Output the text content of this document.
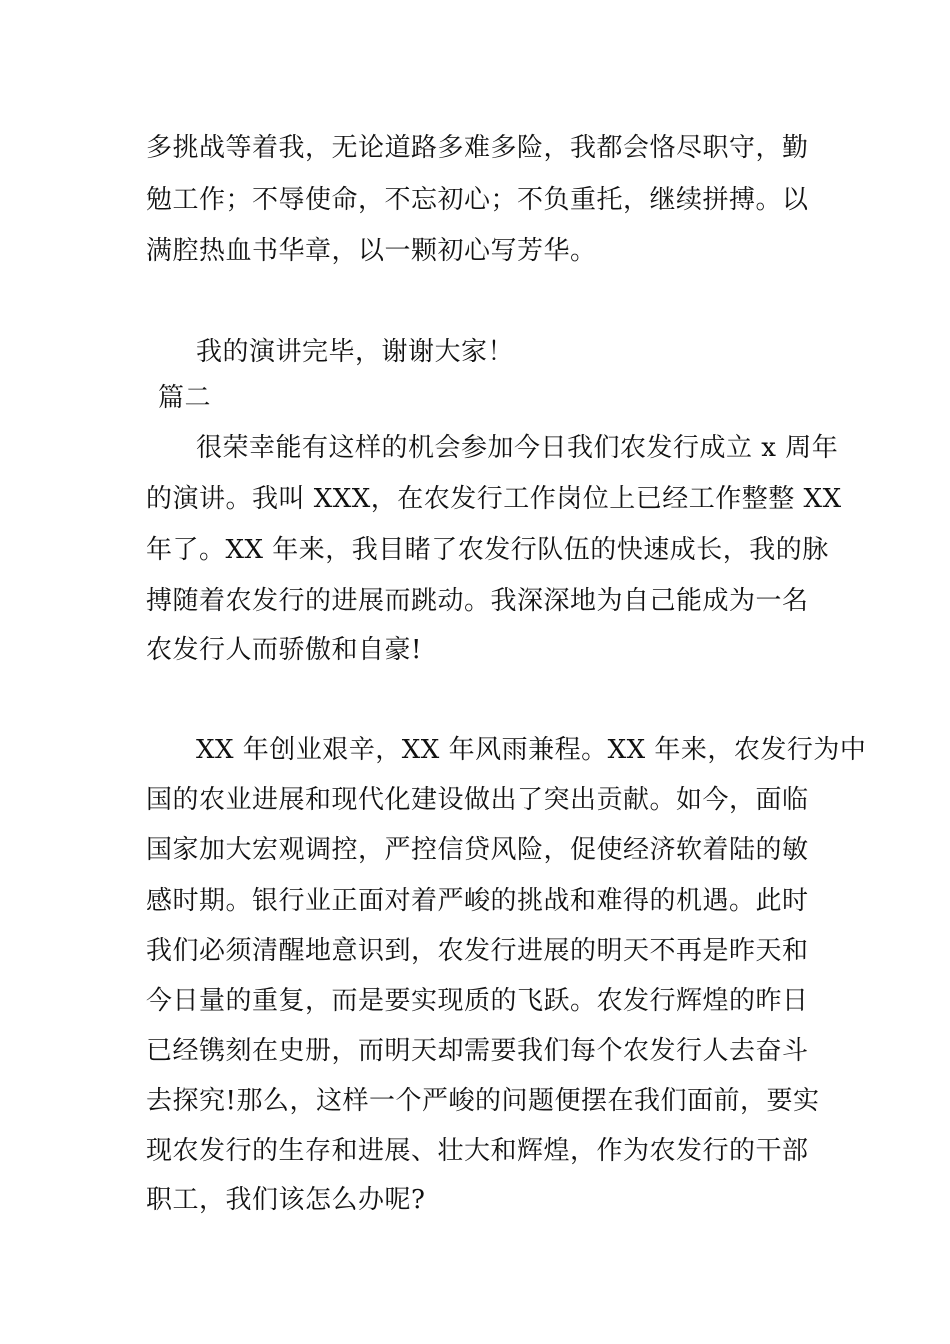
多挑战等着我，无论道路多难多险，我都会恪尽职守，勤
勉工作；不辱使命，不忘初心；不负重托，继续拼搏。以
满腔热血书华章，以一颗初心写芳华。
我的演讲完毕，谢谢大家！
篇二
很荣幸能有这样的机会参加今日我们农发行成立 x 周年
的演讲。我叫 XXX，在农发行工作岗位上已经工作整整 XX
年了。XX 年来，我目睹了农发行队伍的快速成长，我的脉
搏随着农发行的进展而跳动。我深深地为自己能成为一名
农发行人而骄傲和自豪!
XX 年创业艰辛，XX 年风雨兼程。XX 年来，农发行为中
国的农业进展和现代化建设做出了突出贡献。如今，面临
国家加大宏观调控，严控信贷风险，促使经济软着陆的敏
感时期。银行业正面对着严峻的挑战和难得的机遇。此时
我们必须清醒地意识到，农发行进展的明天不再是昨天和
今日量的重复，而是要实现质的飞跃。农发行辉煌的昨日
已经镌刻在史册，而明天却需要我们每个农发行人去奋斗
去探究!那么，这样一个严峻的问题便摆在我们面前，要实
现农发行的生存和进展、壮大和辉煌，作为农发行的干部
职工，我们该怎么办呢?
